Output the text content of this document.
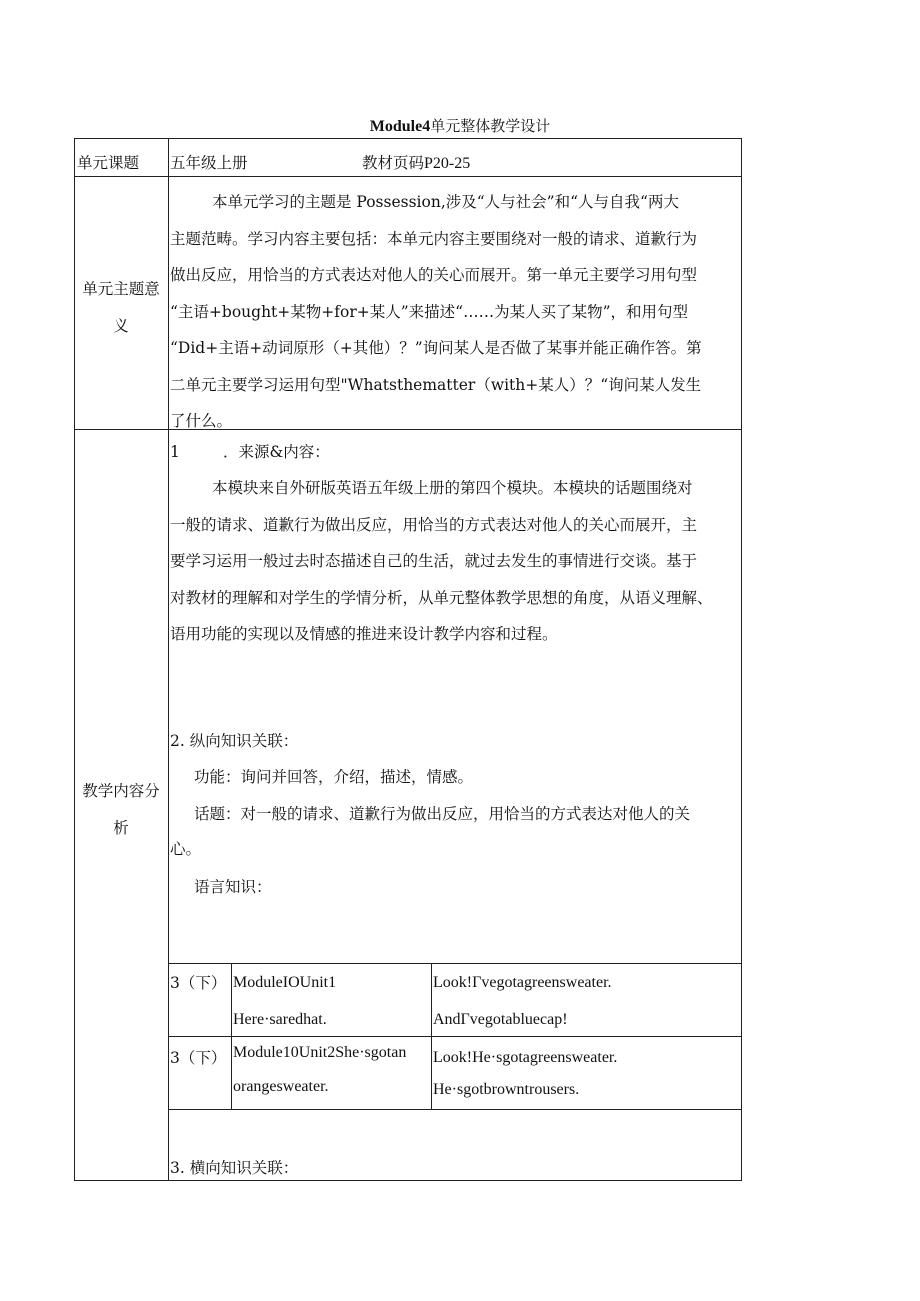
Module4单元整体教学设计
单元课题 五年级上册	教材页码P20-25
单元主题意
义
本单元学习的主题是 Possession,涉及“人与社会”和“人与自我“两大
主题范畴。学习内容主要包括：本单元内容主要围绕对一般的请求、道歉行为
做出反应，用恰当的方式表达对他人的关心而展开。第一单元主要学习用句型
“主语+bought+某物+for+某人”来描述“……为某人买了某物”，和用句型
“Did+主语+动词原形（+其他）？”询问某人是否做了某事并能正确作答。第
二单元主要学习运用句型"Whatsthematter（with+某人）？“询问某人发生
了什么。
教学内容分
析
1	．来源&内容：
本模块来自外研版英语五年级上册的第四个模块。本模块的话题围绕对
一般的请求、道歉行为做出反应，用恰当的方式表达对他人的关心而展开，主
要学习运用一般过去时态描述自己的生活，就过去发生的事情进行交谈。基于
对教材的理解和对学生的学情分析，从单元整体教学思想的角度，从语义理解、
语用功能的实现以及情感的推进来设计教学内容和过程。
2. 纵向知识关联：
功能：询问并回答，介绍，描述，情感。
话题：对一般的请求、道歉行为做出反应，用恰当的方式表达对他人的关
心。
语言知识：
3（下） ModuleIOUnit1
Here·saredhat.
Look!Γvegotagreensweater.
AndΓvegotabluecap!
3（下） Module10Unit2She·sgotan
orangesweater.
Look!He·sgotagreensweater.
He·sgotbrowntrousers.
3. 横向知识关联：
